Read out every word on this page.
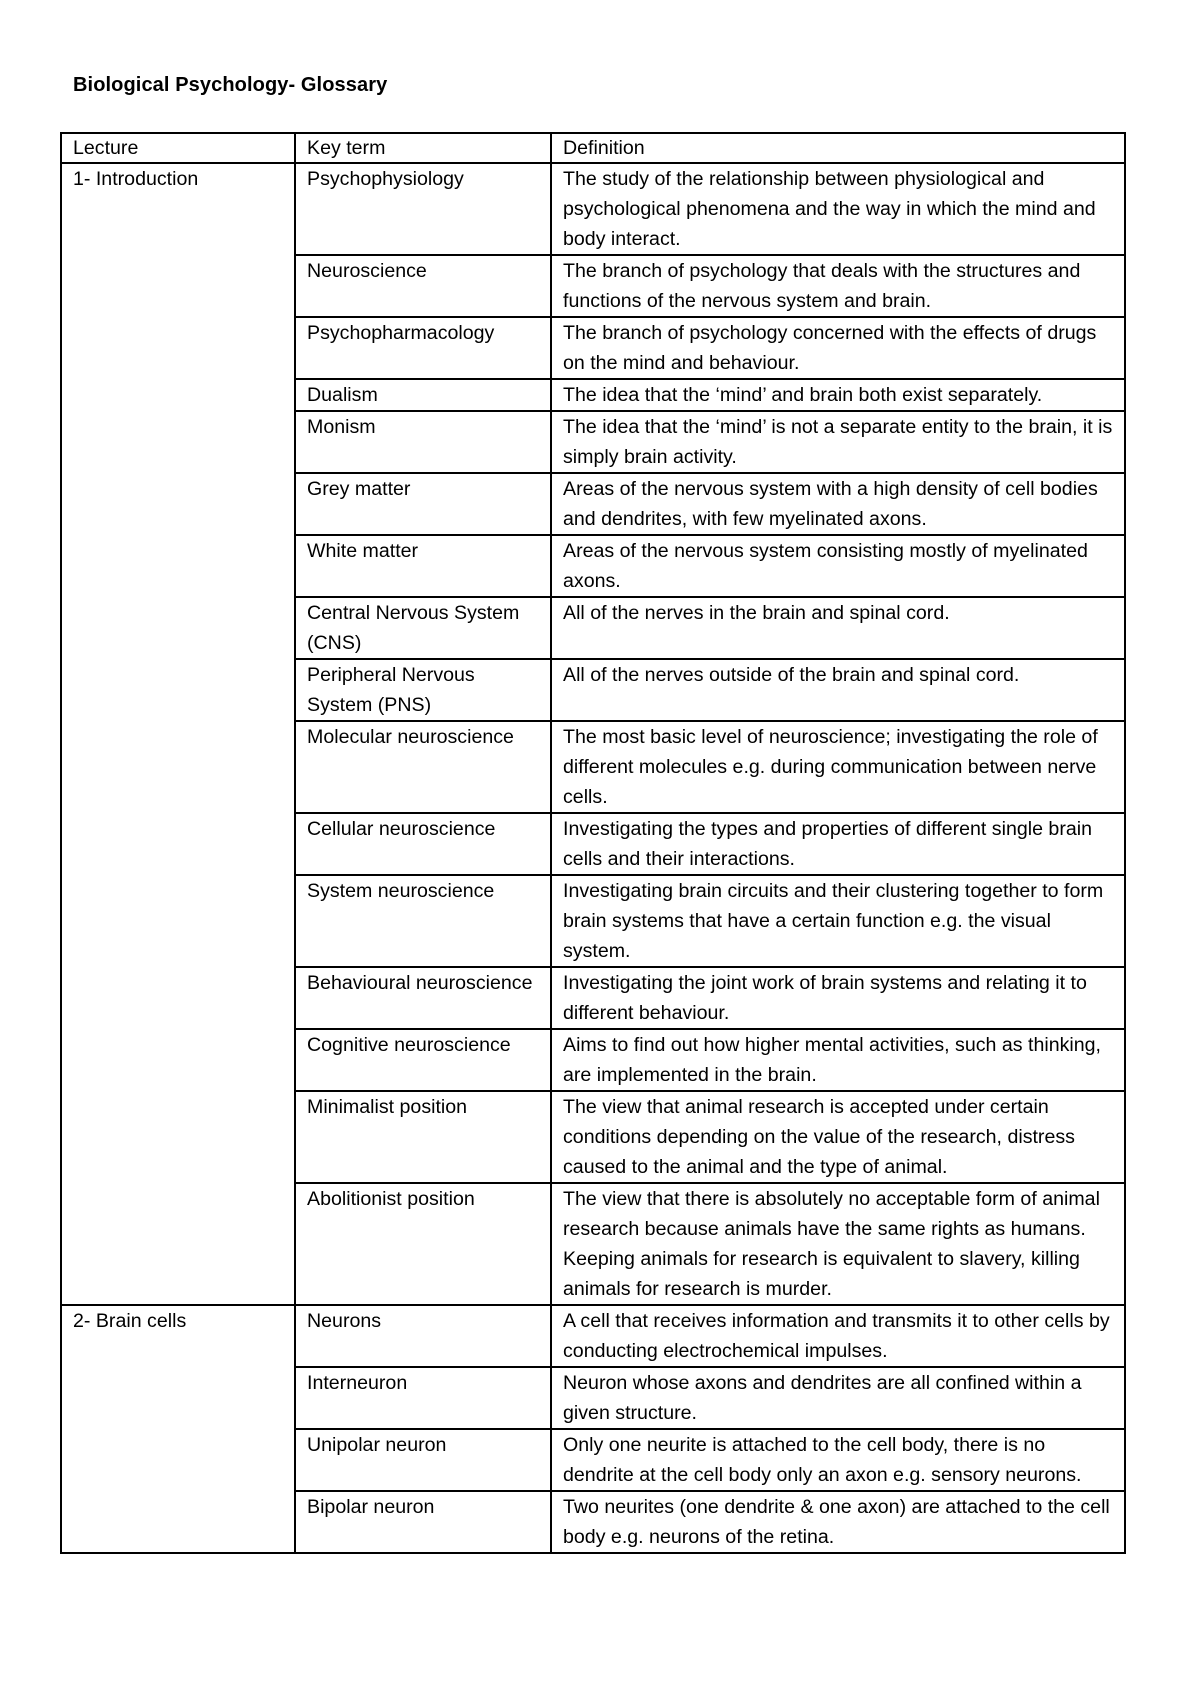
Biological Psychology- Glossary
Lecture	Key term	Definition
1- Introduction	Psychophysiology	The study of the relationship between physiological and psychological phenomena and the way in which the mind and body interact.
	Neuroscience	The branch of psychology that deals with the structures and functions of the nervous system and brain.
	Psychopharmacology	The branch of psychology concerned with the effects of drugs on the mind and behaviour.
	Dualism	The idea that the ‘mind’ and brain both exist separately.
	Monism	The idea that the ‘mind’ is not a separate entity to the brain, it is simply brain activity.
	Grey matter	Areas of the nervous system with a high density of cell bodies and dendrites, with few myelinated axons.
	White matter	Areas of the nervous system consisting mostly of myelinated axons.
	Central Nervous System (CNS)	All of the nerves in the brain and spinal cord.
	Peripheral Nervous System (PNS)	All of the nerves outside of the brain and spinal cord.
	Molecular neuroscience	The most basic level of neuroscience; investigating the role of different molecules e.g. during communication between nerve cells.
	Cellular neuroscience	Investigating the types and properties of different single brain cells and their interactions.
	System neuroscience	Investigating brain circuits and their clustering together to form brain systems that have a certain function e.g. the visual system.
	Behavioural neuroscience	Investigating the joint work of brain systems and relating it to different behaviour.
	Cognitive neuroscience	Aims to find out how higher mental activities, such as thinking, are implemented in the brain.
	Minimalist position	The view that animal research is accepted under certain conditions depending on the value of the research, distress caused to the animal and the type of animal.
	Abolitionist position	The view that there is absolutely no acceptable form of animal research because animals have the same rights as humans. Keeping animals for research is equivalent to slavery, killing animals for research is murder.
2- Brain cells	Neurons	A cell that receives information and transmits it to other cells by conducting electrochemical impulses.
	Interneuron	Neuron whose axons and dendrites are all confined within a given structure.
	Unipolar neuron	Only one neurite is attached to the cell body, there is no dendrite at the cell body only an axon e.g. sensory neurons.
	Bipolar neuron	Two neurites (one dendrite & one axon) are attached to the cell body e.g. neurons of the retina.
